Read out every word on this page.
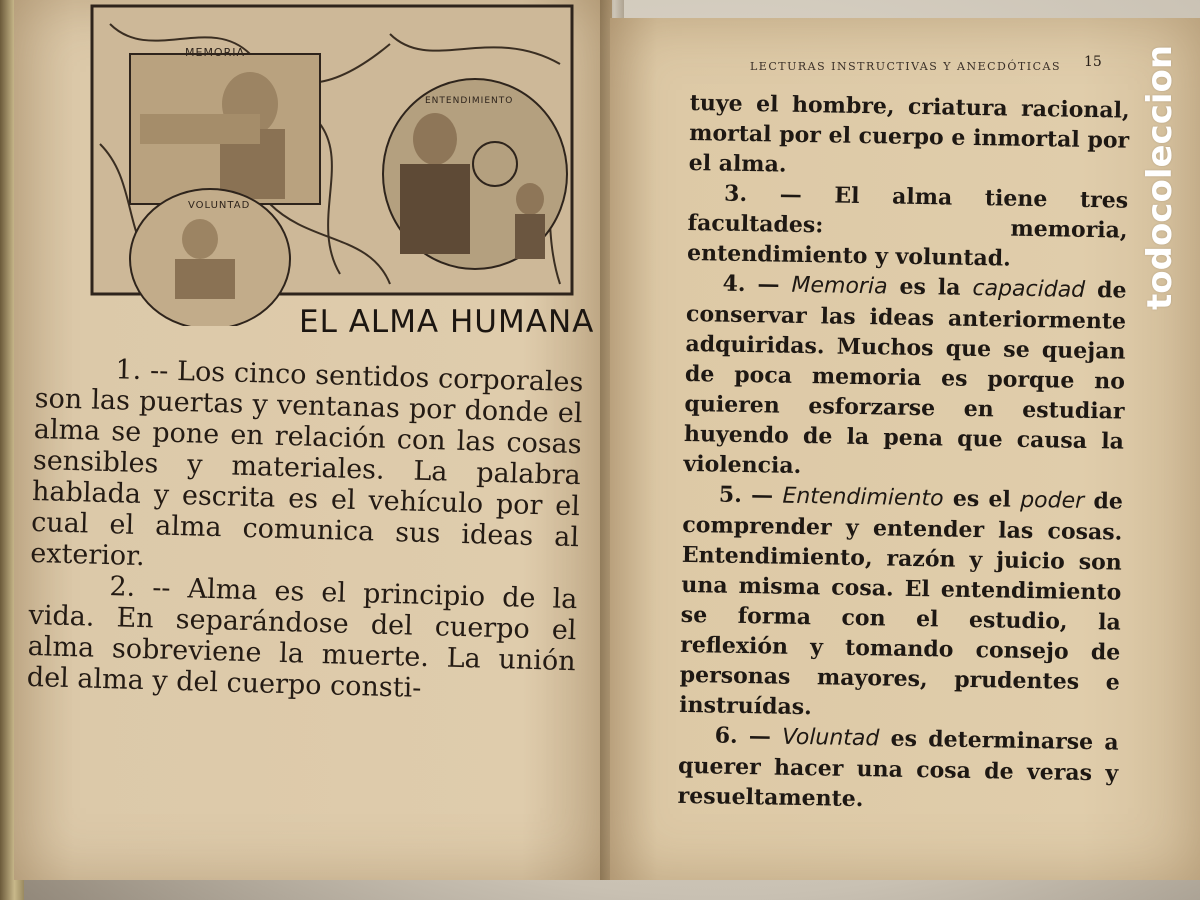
MEMORIA
ENTENDIMIENTO
VOLUNTAD
EL ALMA HUMANA

1. -- Los cinco sentidos corporales son las puertas y ventanas por donde el alma se pone en relación con las cosas sensibles y materiales. La palabra hablada y escrita es el vehículo por el cual el alma comunica sus ideas al exterior.

2. -- Alma es el principio de la vida. En separándose del cuerpo el alma sobreviene la muerte. La unión del alma y del cuerpo consti-

LECTURAS INSTRUCTIVAS Y ANECDÓTICAS 15

tuye el hombre, criatura racional, mortal por el cuerpo e inmortal por el alma.

3. — El alma tiene tres facultades: memoria, entendimiento y voluntad.

4. — Memoria es la capacidad de conservar las ideas anteriormente adquiridas. Muchos que se quejan de poca memoria es porque no quieren esforzarse en estudiar huyendo de la pena que causa la violencia.

5. — Entendimiento es el poder de comprender y entender las cosas. Entendimiento, razón y juicio son una misma cosa. El entendimiento se forma con el estudio, la reflexión y tomando consejo de personas mayores, prudentes e instruídas.

6. — Voluntad es determinarse a querer hacer una cosa de veras y resueltamente.

todocoleccion
